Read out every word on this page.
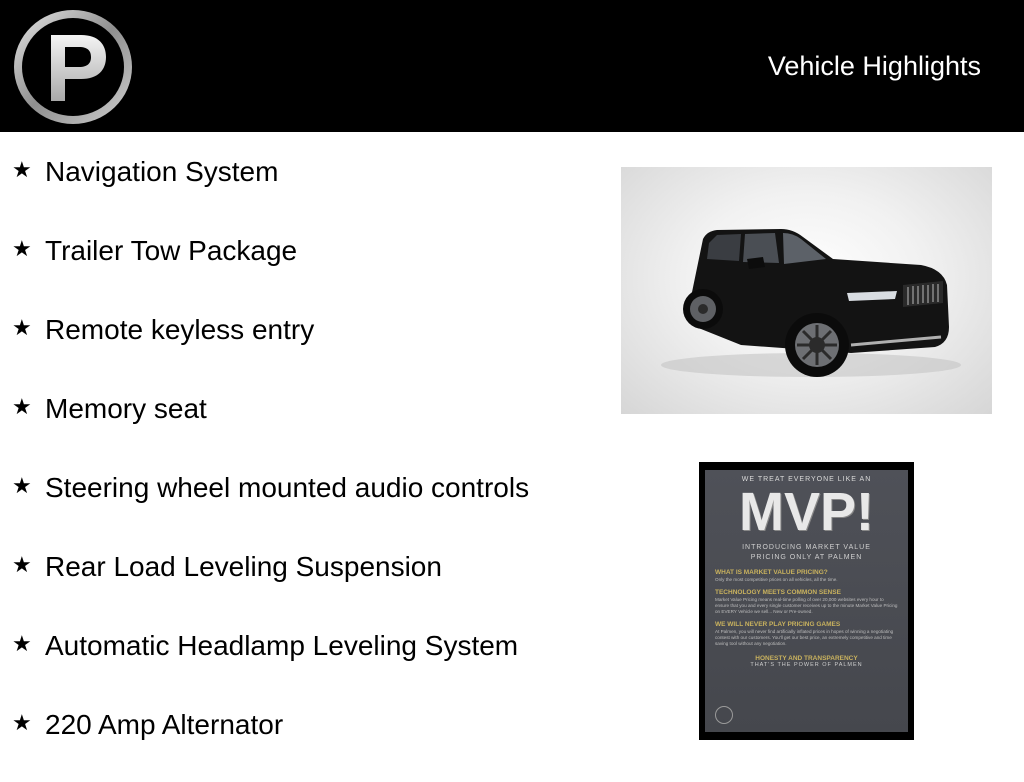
Vehicle Highlights
★ Navigation System
★ Trailer Tow Package
★ Remote keyless entry
★ Memory seat
★ Steering wheel mounted audio controls
★ Rear Load Leveling Suspension
★ Automatic Headlamp Leveling System
★ 220 Amp Alternator
WE TREAT EVERYONE LIKE AN
MVP!
INTRODUCING MARKET VALUE
PRICING ONLY AT PALMEN
WHAT IS MARKET VALUE PRICING?
Only the most competitive prices on all vehicles, all the time.
TECHNOLOGY MEETS COMMON SENSE
Market Value Pricing means real-time polling of over 20,000 websites every hour to ensure that you and every single customer receives up to the minute Market Value Pricing on EVERY Vehicle we sell... New or Pre-owned.
WE WILL NEVER PLAY PRICING GAMES
At Palmen, you will never find artificially inflated prices in hopes of winning a negotiating contest with our customers. You'll get our best price, an extremely competitive and time saving tool without any negotiation.
HONESTY AND TRANSPARENCY
THAT'S THE POWER OF PALMEN
